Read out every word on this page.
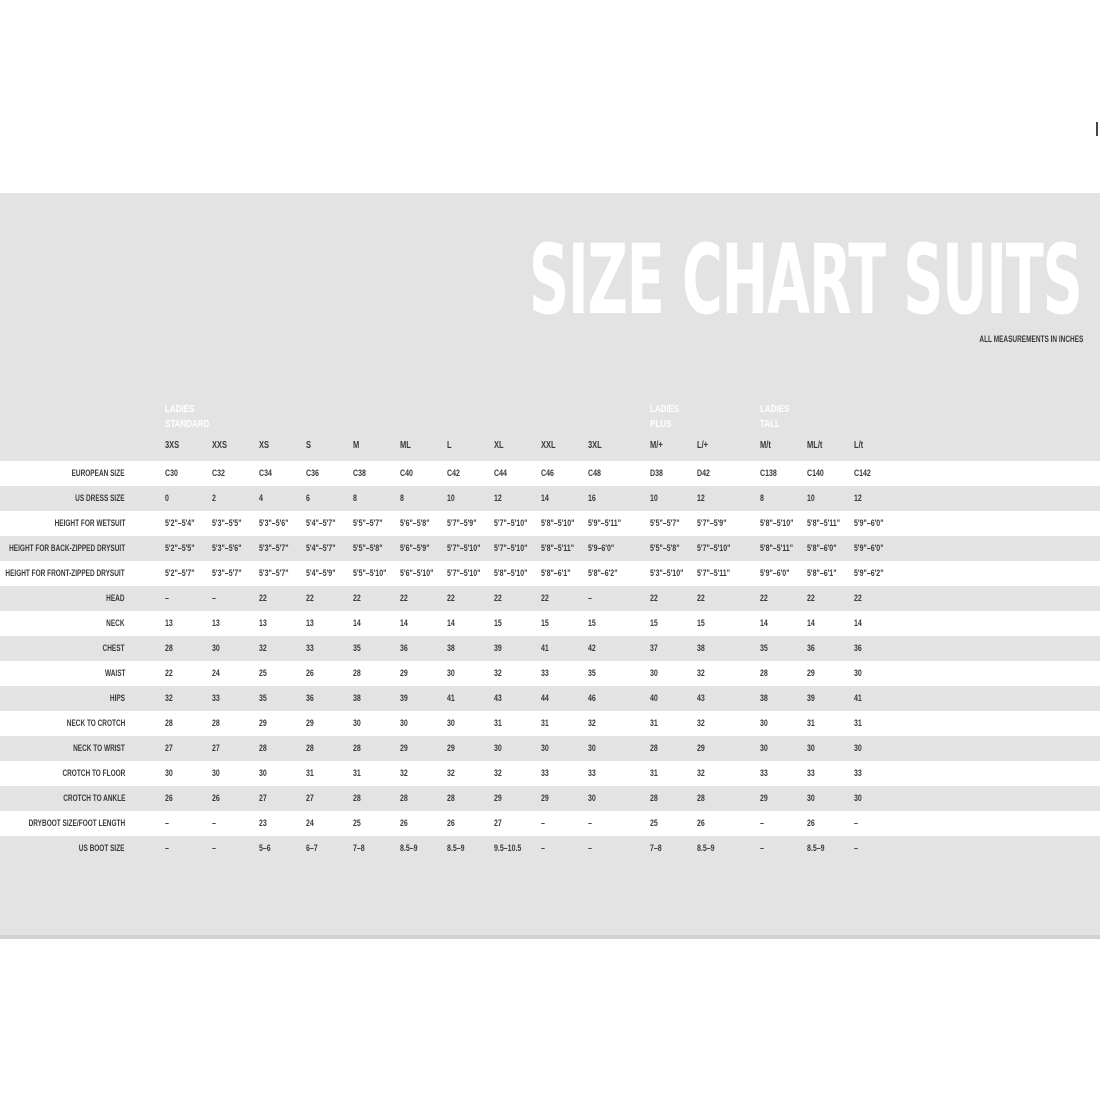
SIZE CHART SUITS
ALL MEASUREMENTS IN INCHES
LADIES
STANDARD
LADIES
PLUS
LADIES
TALL
3XS	XXS	XS	S	M	ML	L	XL	XXL	3XL	M/+	L/+	M/t	ML/t	L/t
EUROPEAN SIZE	C30	C32	C34	C36	C38	C40	C42	C44	C46	C48	D38	D42	C138	C140	C142
US DRESS SIZE	0	2	4	6	8	8	10	12	14	16	10	12	8	10	12
HEIGHT FOR WETSUIT	5'2"–5'4" 5'3"–5'5" 5'3"–5'6" 5'4"–5'7" 5'5"–5'7" 5'6"–5'8" 5'7"–5'9" 5'7"–5'10" 5'8"–5'10" 5'9"–5'11"	5'5"–5'7" 5'7"–5'9"	5'8"–5'10" 5'8"–5'11" 5'9"–6'0"
HEIGHT FOR BACK-ZIPPED DRYSUIT	5'2"–5'5" 5'3"–5'6" 5'3"–5'7" 5'4"–5'7" 5'5"–5'8" 5'6"–5'9" 5'7"–5'10" 5'7"–5'10" 5'8"–5'11" 5'9–6'0"	5'5"–5'8" 5'7"–5'10"	5'8"–5'11" 5'8"–6'0" 5'9"–6'0"
HEIGHT FOR FRONT-ZIPPED DRYSUIT	5'2"–5'7" 5'3"–5'7" 5'3"–5'7" 5'4"–5'9" 5'5"–5'10" 5'6"–5'10" 5'7"–5'10" 5'8"–5'10" 5'8"–6'1" 5'8"–6'2"	5'3"–5'10" 5'7"–5'11"	5'9"–6'0" 5'8"–6'1" 5'9"–6'2"
HEAD	–	–	22	22	22	22	22	22	22	–	22	22	22	22	22
NECK	13	13	13	13	14	14	14	15	15	15	15	15	14	14	14
CHEST	28	30	32	33	35	36	38	39	41	42	37	38	35	36	36
WAIST	22	24	25	26	28	29	30	32	33	35	30	32	28	29	30
HIPS	32	33	35	36	38	39	41	43	44	46	40	43	38	39	41
NECK TO CROTCH	28	28	29	29	30	30	30	31	31	32	31	32	30	31	31
NECK TO WRIST	27	27	28	28	28	29	29	30	30	30	28	29	30	30	30
CROTCH TO FLOOR	30	30	30	31	31	32	32	32	33	33	31	32	33	33	33
CROTCH TO ANKLE	26	26	27	27	28	28	28	29	29	30	28	28	29	30	30
DRYBOOT SIZE/FOOT LENGTH	–	–	23	24	25	26	26	27	–	–	25	26	–	26	–
US BOOT SIZE	–	–	5–6	6–7	7–8	8.5–9	8.5–9	9.5–10.5 –	–	7–8	8.5–9	–	8.5–9	–
